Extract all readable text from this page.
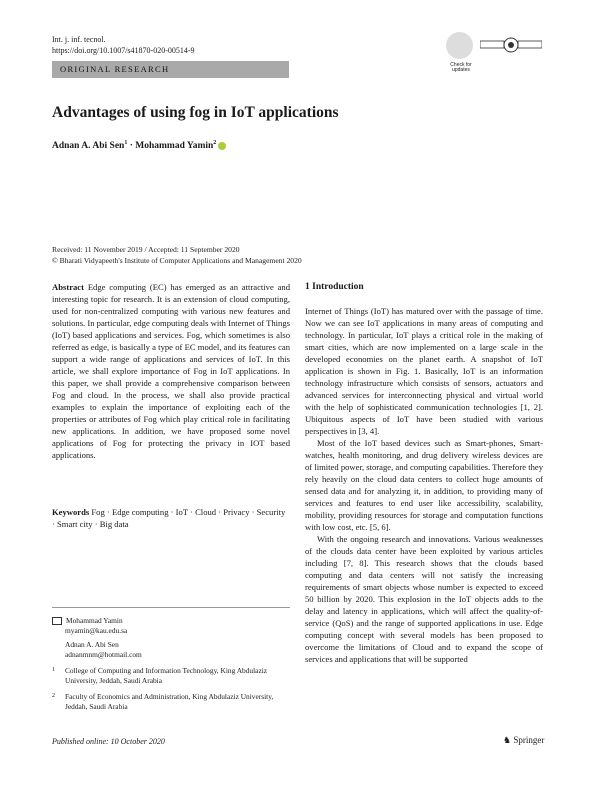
Int. j. inf. tecnol.
https://doi.org/10.1007/s41870-020-00514-9
Check for updates
ORIGINAL RESEARCH
Advantages of using fog in IoT applications
Adnan A. Abi Sen$^1$ · Mohammad Yamin$^2$
Received: 11 November 2019 / Accepted: 11 September 2020
© Bharati Vidyapeeth's Institute of Computer Applications and Management 2020
Abstract Edge computing (EC) has emerged as an attractive and interesting topic for research. It is an extension of cloud computing, used for non-centralized computing with various new features and solutions. In particular, edge computing deals with Internet of Things (IoT) based applications and services. Fog, which sometimes is also referred as edge, is basically a type of EC model, and its features can support a wide range of applications and services of IoT. In this article, we shall explore importance of Fog in IoT applications. In this paper, we shall provide a comprehensive comparison between Fog and cloud. In the process, we shall also provide practical examples to explain the importance of exploiting each of the properties or attributes of Fog which play critical role in facilitating new applications. In addition, we have proposed some novel applications of Fog for protecting the privacy in IOT based applications.
Keywords Fog · Edge computing · IoT · Cloud · Privacy · Security · Smart city · Big data
Mohammad Yamin
myamin@kau.edu.sa
Adnan A. Abi Sen
adnanmnm@hotmail.com
1 College of Computing and Information Technology, King Abdulaziz University, Jeddah, Saudi Arabia
2 Faculty of Economics and Administration, King Abdulaziz University, Jeddah, Saudi Arabia
1 Introduction
Internet of Things (IoT) has matured over with the passage of time. Now we can see IoT applications in many areas of computing and technology. In particular, IoT plays a critical role in the making of smart cities, which are now implemented on a large scale in the developed economies on the planet earth. A snapshot of IoT application is shown in Fig. 1. Basically, IoT is an information technology infrastructure which consists of sensors, actuators and advanced services for interconnecting physical and virtual world with the help of sophisticated communication technologies [1, 2]. Ubiquitous aspects of IoT have been studied with various perspectives in [3, 4].
Most of the IoT based devices such as Smart-phones, Smart-watches, health monitoring, and drug delivery wireless devices are of limited power, storage, and computing capabilities. Therefore they rely heavily on the cloud data centers to collect huge amounts of sensed data and for analyzing it, in addition, to providing many of services and features to end user like accessibility, scalability, mobility, providing resources for storage and computation functions with low cost, etc. [5, 6].
With the ongoing research and innovations. Various weaknesses of the clouds data center have been exploited by various articles including [7, 8]. This research shows that the clouds based computing and data centers will not satisfy the increasing requirements of smart objects whose number is expected to exceed 50 billion by 2020. This explosion in the IoT objects adds to the delay and latency in applications, which will affect the quality-of-service (QoS) and the range of supported applications in use. Edge computing concept with several models has been proposed to overcome the limitations of Cloud and to expand the scope of services and applications that will be supported
Published online: 10 October 2020	♞ Springer
